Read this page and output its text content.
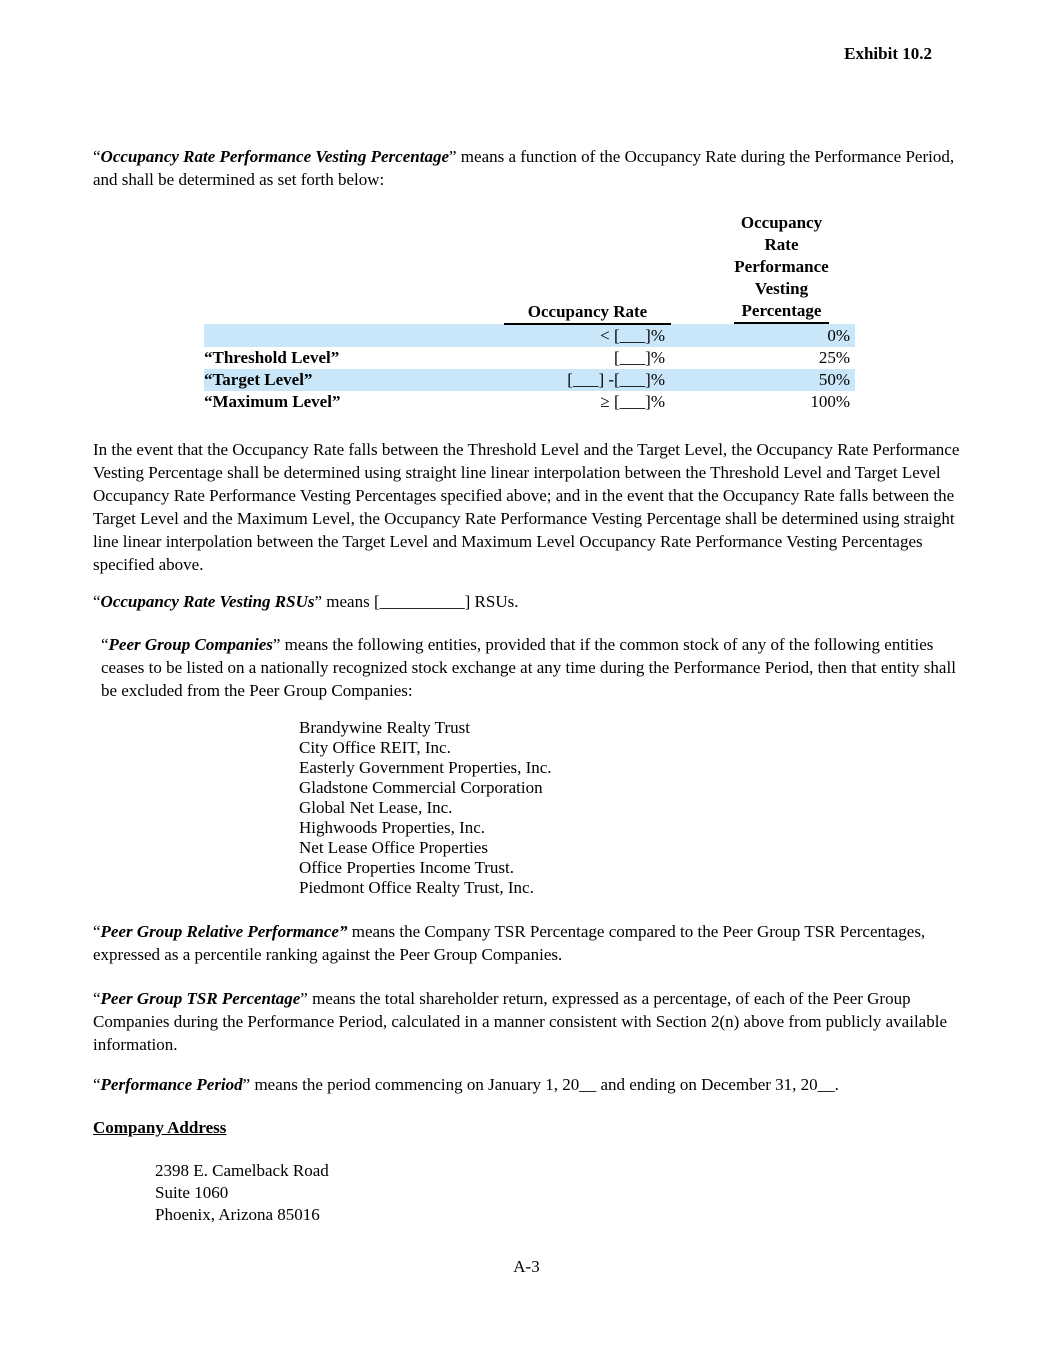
Exhibit 10.2

“Occupancy Rate Performance Vesting Percentage” means a function of the Occupancy Rate during the Performance Period, and shall be determined as set forth below:

	Occupancy Rate		Occupancy
Rate
Performance
Vesting
Percentage
	< [___]%		0%
“Threshold Level”	[___]%		25%
“Target Level”	[___] -[___]%		50%
“Maximum Level”	≥ [___]%		100%

In the event that the Occupancy Rate falls between the Threshold Level and the Target Level, the Occupancy Rate Performance Vesting Percentage shall be determined using straight line linear interpolation between the Threshold Level and Target Level Occupancy Rate Performance Vesting Percentages specified above; and in the event that the Occupancy Rate falls between the Target Level and the Maximum Level, the Occupancy Rate Performance Vesting Percentage shall be determined using straight line linear interpolation between the Target Level and Maximum Level Occupancy Rate Performance Vesting Percentages specified above.

“Occupancy Rate Vesting RSUs” means [__________] RSUs.

“Peer Group Companies” means the following entities, provided that if the common stock of any of the following entities ceases to be listed on a nationally recognized stock exchange at any time during the Performance Period, then that entity shall be excluded from the Peer Group Companies:

Brandywine Realty Trust
City Office REIT, Inc.
Easterly Government Properties, Inc.
Gladstone Commercial Corporation
Global Net Lease, Inc.
Highwoods Properties, Inc.
Net Lease Office Properties
Office Properties Income Trust.
Piedmont Office Realty Trust, Inc.

“Peer Group Relative Performance” means the Company TSR Percentage compared to the Peer Group TSR Percentages, expressed as a percentile ranking against the Peer Group Companies.

“Peer Group TSR Percentage” means the total shareholder return, expressed as a percentage, of each of the Peer Group Companies during the Performance Period, calculated in a manner consistent with Section 2(n) above from publicly available information.

“Performance Period” means the period commencing on January 1, 20__ and ending on December 31, 20__.

Company Address
2398 E. Camelback Road
Suite 1060
Phoenix, Arizona 85016
A-3
